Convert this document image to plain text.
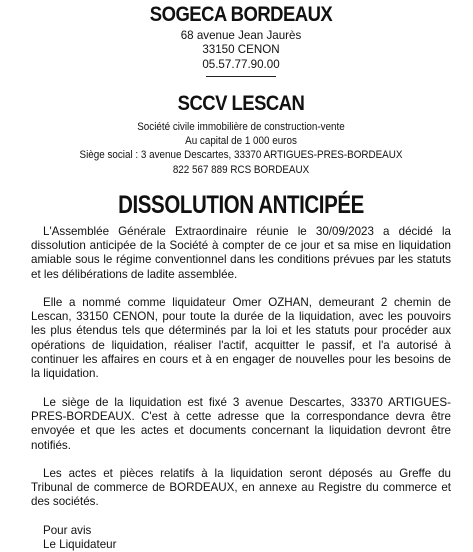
SOGECA BORDEAUX
68 avenue Jean Jaurès
33150 CENON
05.57.77.90.00
SCCV LESCAN
Société civile immobilière de construction-vente
Au capital de 1 000 euros
Siège social : 3 avenue Descartes, 33370 ARTIGUES-PRES-BORDEAUX
822 567 889 RCS BORDEAUX
DISSOLUTION ANTICIPÉE

L'Assemblée Générale Extraordinaire réunie le 30/09/2023 a décidé la dissolution anticipée de la Société à compter de ce jour et sa mise en liquidation amiable sous le régime conventionnel dans les conditions prévues par les statuts et les délibérations de ladite assemblée.

Elle a nommé comme liquidateur Omer OZHAN, demeurant 2 chemin de Lescan, 33150 CENON, pour toute la durée de la liquidation, avec les pouvoirs les plus étendus tels que déterminés par la loi et les statuts pour procéder aux opérations de liquidation, réaliser l'actif, acquitter le passif, et l'a autorisé à continuer les affaires en cours et à en engager de nouvelles pour les besoins de la liquidation.

Le siège de la liquidation est fixé 3 avenue Descartes, 33370 ARTIGUES-PRES-BORDEAUX. C'est à cette adresse que la correspondance devra être envoyée et que les actes et documents concernant la liquidation devront être notifiés.

Les actes et pièces relatifs à la liquidation seront déposés au Greffe du Tribunal de commerce de BORDEAUX, en annexe au Registre du commerce et des sociétés.

Pour avis
Le Liquidateur
